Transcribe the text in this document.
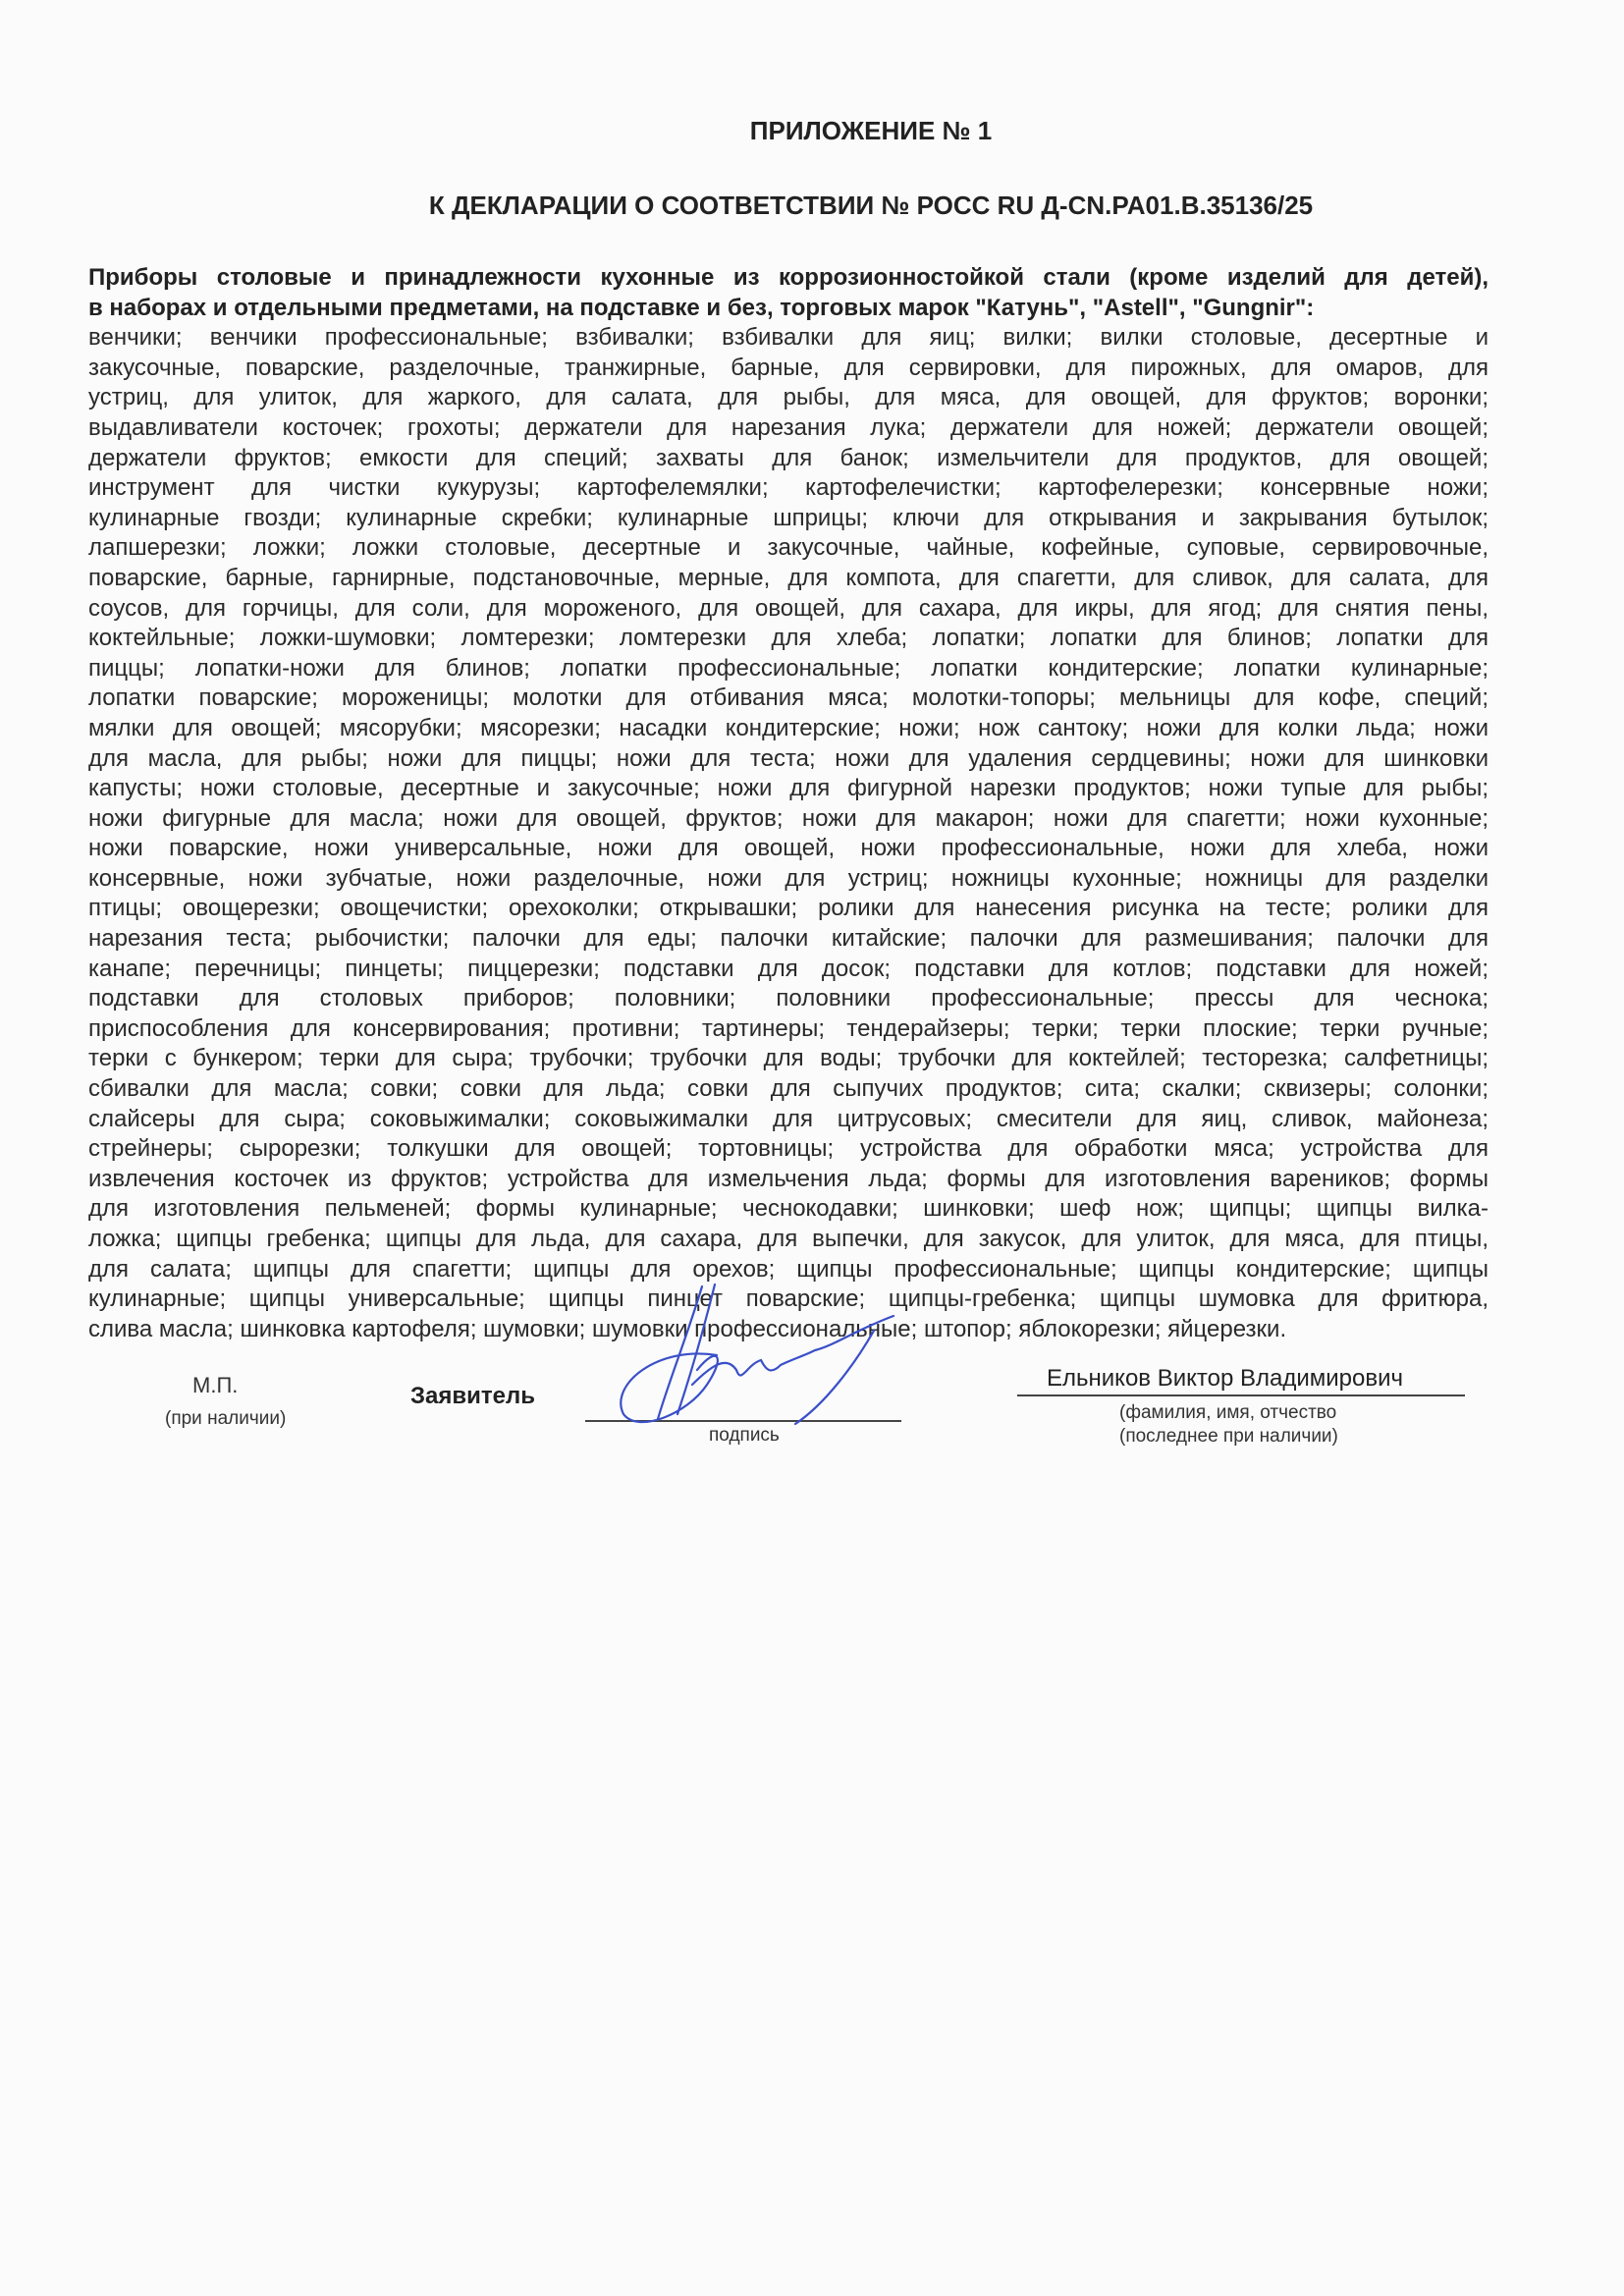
ПРИЛОЖЕНИЕ № 1
К ДЕКЛАРАЦИИ О СООТВЕТСТВИИ № РОСС RU Д-CN.PA01.B.35136/25
Приборы столовые и принадлежности кухонные из коррозионностойкой стали (кроме изделий для детей),
в наборах и отдельными предметами, на подставке и без, торговых марок "Катунь", "Astell", "Gungnir":
венчики; венчики профессиональные; взбивалки; взбивалки для яиц; вилки; вилки столовые, десертные и
закусочные, поварские, разделочные, транжирные, барные, для сервировки, для пирожных, для омаров, для
устриц, для улиток, для жаркого, для салата, для рыбы, для мяса, для овощей, для фруктов; воронки;
выдавливатели косточек; грохоты; держатели для нарезания лука; держатели для ножей; держатели овощей;
держатели фруктов; емкости для специй; захваты для банок; измельчители для продуктов, для овощей;
инструмент для чистки кукурузы; картофелемялки; картофелечистки; картофелерезки; консервные ножи;
кулинарные гвозди; кулинарные скребки; кулинарные шприцы; ключи для открывания и закрывания бутылок;
лапшерезки; ложки; ложки столовые, десертные и закусочные, чайные, кофейные, суповые, сервировочные,
поварские, барные, гарнирные, подстановочные, мерные, для компота, для спагетти, для сливок, для салата, для
соусов, для горчицы, для соли, для мороженого, для овощей, для сахара, для икры, для ягод; для снятия пены,
коктейльные; ложки-шумовки; ломтерезки; ломтерезки для хлеба; лопатки; лопатки для блинов; лопатки для
пиццы; лопатки-ножи для блинов; лопатки профессиональные; лопатки кондитерские; лопатки кулинарные;
лопатки поварские; мороженицы; молотки для отбивания мяса; молотки-топоры; мельницы для кофе, специй;
мялки для овощей; мясорубки; мясорезки; насадки кондитерские; ножи; нож сантоку; ножи для колки льда; ножи
для масла, для рыбы; ножи для пиццы; ножи для теста; ножи для удаления сердцевины; ножи для шинковки
капусты; ножи столовые, десертные и закусочные; ножи для фигурной нарезки продуктов; ножи тупые для рыбы;
ножи фигурные для масла; ножи для овощей, фруктов; ножи для макарон; ножи для спагетти; ножи кухонные;
ножи поварские, ножи универсальные, ножи для овощей, ножи профессиональные, ножи для хлеба, ножи
консервные, ножи зубчатые, ножи разделочные, ножи для устриц; ножницы кухонные; ножницы для разделки
птицы; овощерезки; овощечистки; орехоколки; открывашки; ролики для нанесения рисунка на тесте; ролики для
нарезания теста; рыбочистки; палочки для еды; палочки китайские; палочки для размешивания; палочки для
канапе; перечницы; пинцеты; пиццерезки; подставки для досок; подставки для котлов; подставки для ножей;
подставки для столовых приборов; половники; половники профессиональные; прессы для чеснока;
приспособления для консервирования; противни; тартинеры; тендерайзеры; терки; терки плоские; терки ручные;
терки с бункером; терки для сыра; трубочки; трубочки для воды; трубочки для коктейлей; тесторезка; салфетницы;
сбивалки для масла; совки; совки для льда; совки для сыпучих продуктов; сита; скалки; сквизеры; солонки;
слайсеры для сыра; соковыжималки; соковыжималки для цитрусовых; смесители для яиц, сливок, майонеза;
стрейнеры; сырорезки; толкушки для овощей; тортовницы; устройства для обработки мяса; устройства для
извлечения косточек из фруктов; устройства для измельчения льда; формы для изготовления вареников; формы
для изготовления пельменей; формы кулинарные; чеснокодавки; шинковки; шеф нож; щипцы; щипцы вилка-
ложка; щипцы гребенка; щипцы для льда, для сахара, для выпечки, для закусок, для улиток, для мяса, для птицы,
для салата; щипцы для спагетти; щипцы для орехов; щипцы профессиональные; щипцы кондитерские; щипцы
кулинарные; щипцы универсальные; щипцы пинцет поварские; щипцы-гребенка; щипцы шумовка для фритюра,
слива масла; шинковка картофеля; шумовки; шумовки профессиональные; штопор; яблокорезки; яйцерезки.
М.П.
(при наличии)
Заявитель
подпись
Ельников Виктор Владимирович
(фамилия, имя, отчество
(последнее при наличии)
